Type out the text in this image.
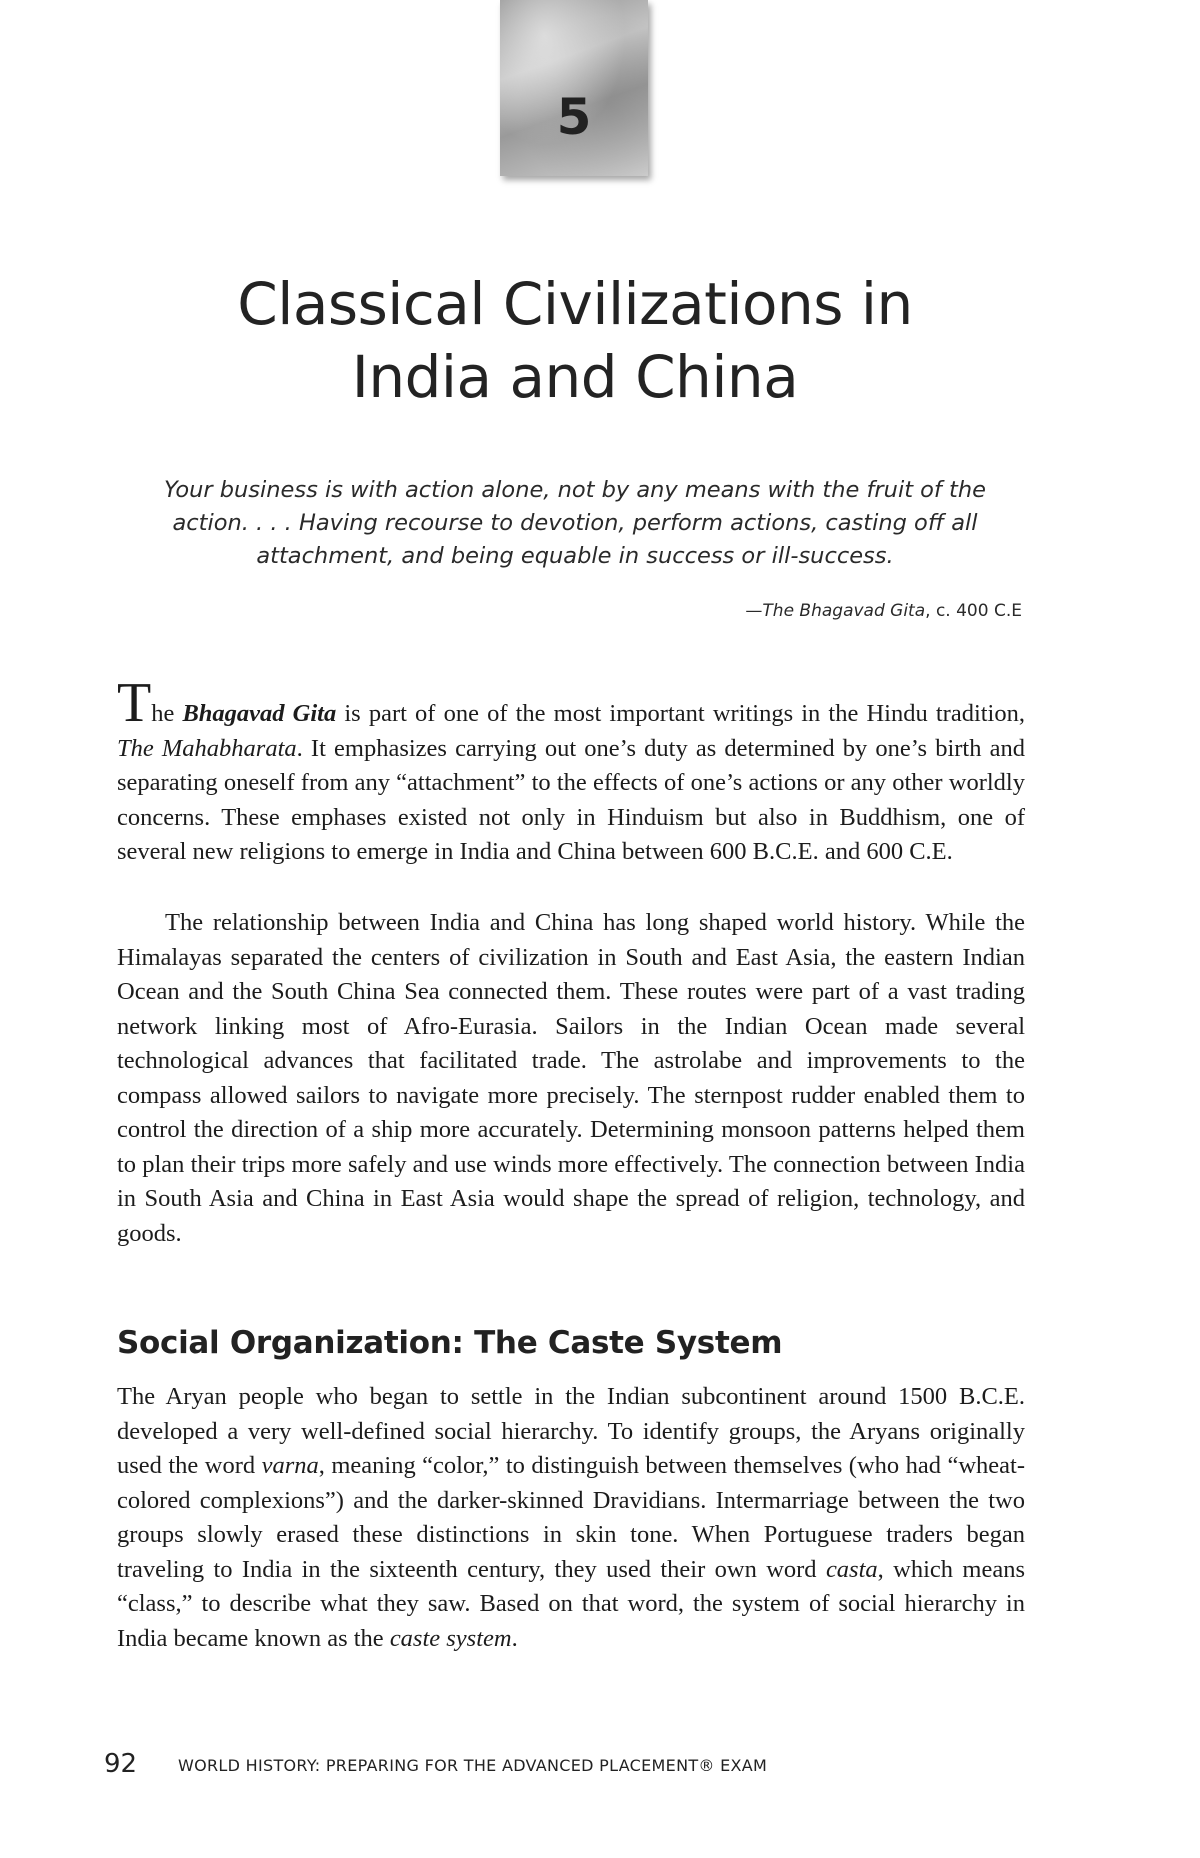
5
Classical Civilizations in
India and China
Your business is with action alone, not by any means with the fruit of the action. . . . Having recourse to devotion, perform actions, casting off all attachment, and being equable in success or ill-success.
—The Bhagavad Gita, c. 400 C.E

The Bhagavad Gita is part of one of the most important writings in the Hindu tradition, The Mahabharata. It emphasizes carrying out one’s duty as determined by one’s birth and separating oneself from any “attachment” to the effects of one’s actions or any other worldly concerns. These emphases existed not only in Hinduism but also in Buddhism, one of several new religions to emerge in India and China between 600 B.C.E. and 600 C.E.

The relationship between India and China has long shaped world history. While the Himalayas separated the centers of civilization in South and East Asia, the eastern Indian Ocean and the South China Sea connected them. These routes were part of a vast trading network linking most of Afro-Eurasia. Sailors in the Indian Ocean made several technological advances that facilitated trade. The astrolabe and improvements to the compass allowed sailors to navigate more precisely. The sternpost rudder enabled them to control the direction of a ship more accurately. Determining monsoon patterns helped them to plan their trips more safely and use winds more effectively. The connection between India in South Asia and China in East Asia would shape the spread of religion, technology, and goods.

Social Organization: The Caste System

The Aryan people who began to settle in the Indian subcontinent around 1500 B.C.E. developed a very well-defined social hierarchy. To identify groups, the Aryans originally used the word varna, meaning “color,” to distinguish between themselves (who had “wheat-colored complexions”) and the darker-skinned Dravidians. Intermarriage between the two groups slowly erased these distinctions in skin tone. When Portuguese traders began traveling to India in the sixteenth century, they used their own word casta, which means “class,” to describe what they saw. Based on that word, the system of social hierarchy in India became known as the caste system.

92	WORLD HISTORY: PREPARING FOR THE ADVANCED PLACEMENT® EXAM
